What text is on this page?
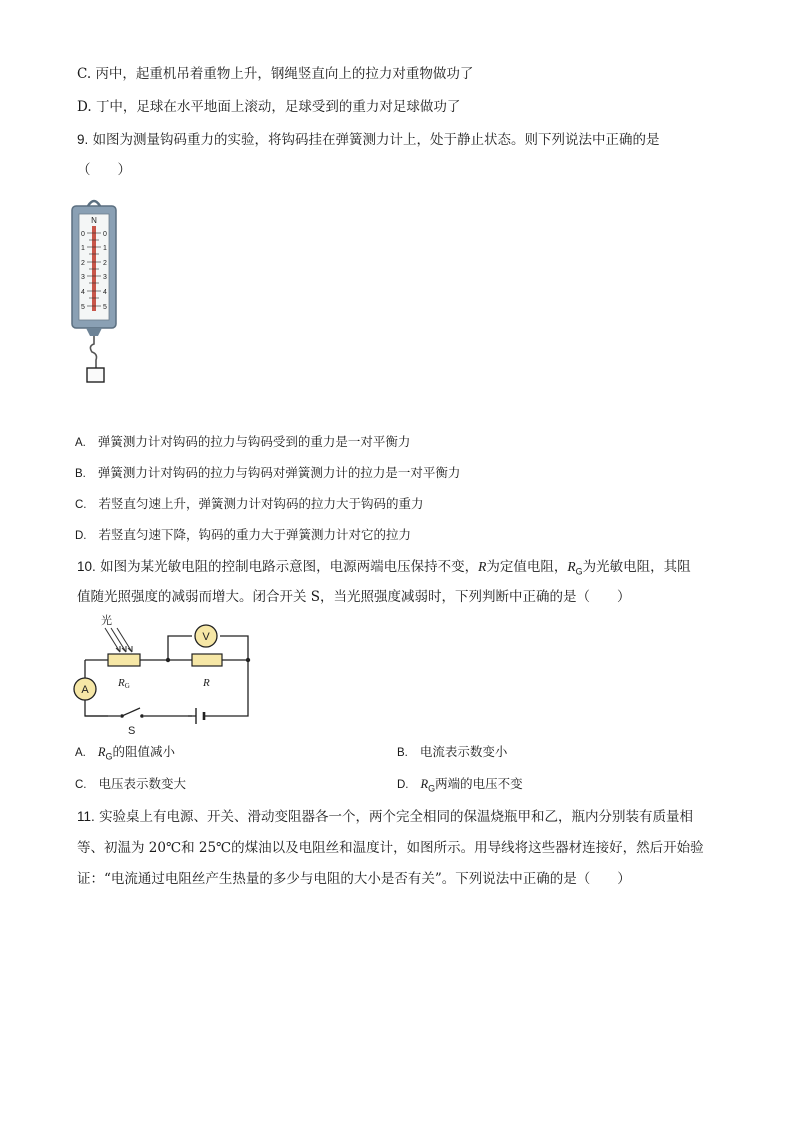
C. 丙中，起重机吊着重物上升，钢绳竖直向上的拉力对重物做功了
D. 丁中，足球在水平地面上滚动，足球受到的重力对足球做功了
9. 如图为测量钩码重力的实验，将钩码挂在弹簧测力计上，处于静止状态。则下列说法中正确的是
（　　）
N
0
1
2
3
4
5
0
1
2
3
4
5
A. 弹簧测力计对钩码的拉力与钩码受到的重力是一对平衡力
B. 弹簧测力计对钩码的拉力与钩码对弹簧测力计的拉力是一对平衡力
C. 若竖直匀速上升，弹簧测力计对钩码的拉力大于钩码的重力
D. 若竖直匀速下降，钩码的重力大于弹簧测力计对它的拉力
10. 如图为某光敏电阻的控制电路示意图，电源两端电压保持不变，R为定值电阻，$R_G$为光敏电阻，其阻
值随光照强度的减弱而增大。闭合开关 S，当光照强度减弱时，下列判断中正确的是（　　）
光
RG	R
V
A
S
A. $R_G$的阻值减小	B. 电流表示数变小
C. 电压表示数变大	D. $R_G$两端的电压不变
11. 实验桌上有电源、开关、滑动变阻器各一个，两个完全相同的保温烧瓶甲和乙，瓶内分别装有质量相
等、初温为 20℃和 25℃的煤油以及电阻丝和温度计，如图所示。用导线将这些器材连接好，然后开始验
证：“电流通过电阻丝产生热量的多少与电阻的大小是否有关”。下列说法中正确的是（　　）
